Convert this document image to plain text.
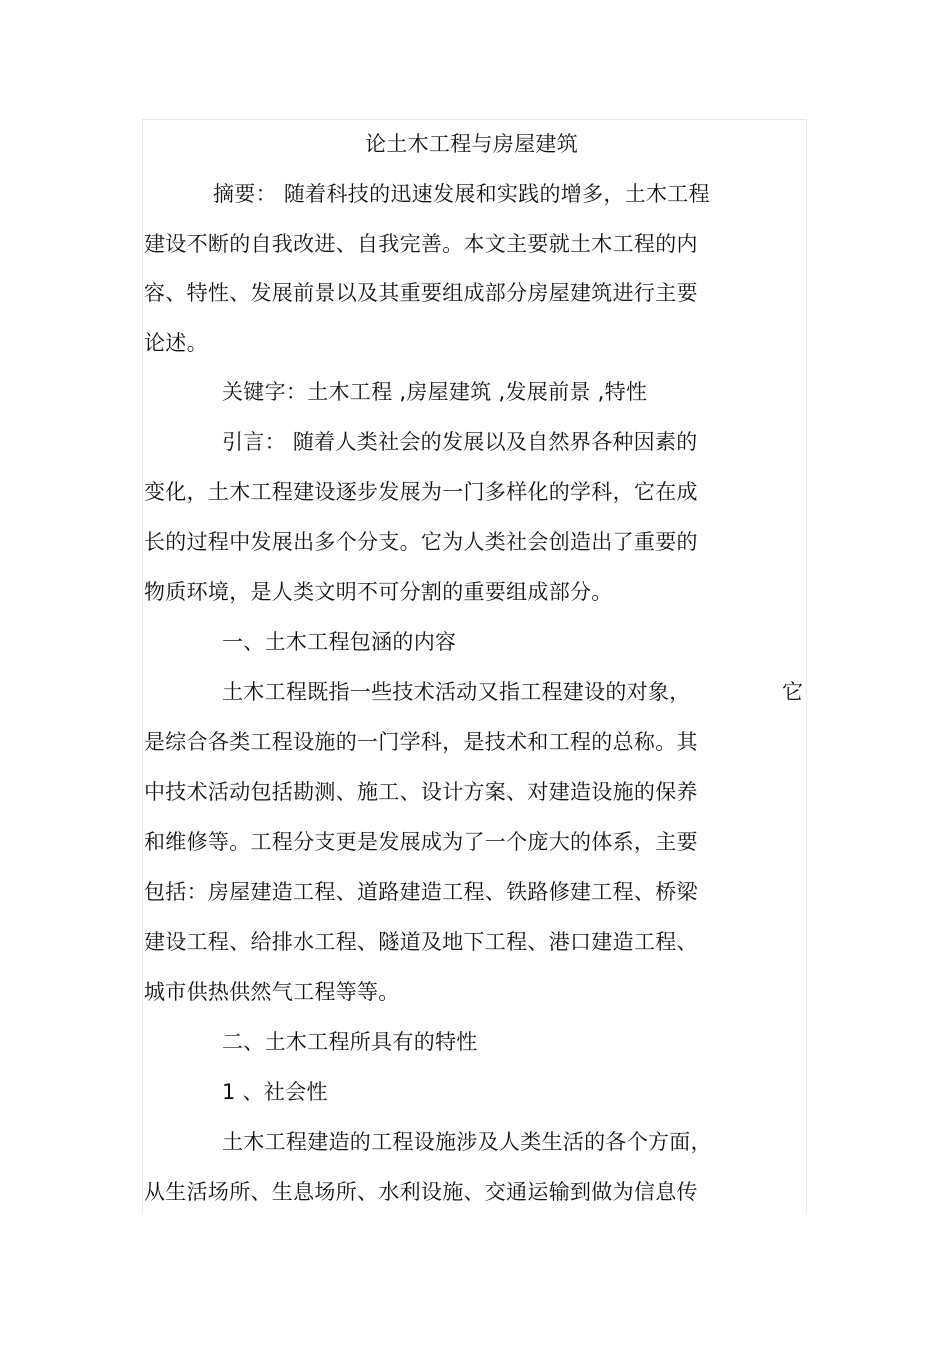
论土木工程与房屋建筑
摘要： 随着科技的迅速发展和实践的增多，土木工程
建设不断的自我改进、自我完善。本文主要就土木工程的内
容、特性、发展前景以及其重要组成部分房屋建筑进行主要
论述。
关键字：土木工程 ,房屋建筑 ,发展前景 ,特性
引言： 随着人类社会的发展以及自然界各种因素的
变化，土木工程建设逐步发展为一门多样化的学科，它在成
长的过程中发展出多个分支。它为人类社会创造出了重要的
物质环境，是人类文明不可分割的重要组成部分。
一、土木工程包涵的内容
土木工程既指一些技术活动又指工程建设的对象，	它
是综合各类工程设施的一门学科，是技术和工程的总称。其
中技术活动包括勘测、施工、设计方案、对建造设施的保养
和维修等。工程分支更是发展成为了一个庞大的体系，主要
包括：房屋建造工程、道路建造工程、铁路修建工程、桥梁
建设工程、给排水工程、隧道及地下工程、港口建造工程、
城市供热供然气工程等等。
二、土木工程所具有的特性
1 、社会性
土木工程建造的工程设施涉及人类生活的各个方面，
从生活场所、生息场所、水利设施、交通运输到做为信息传
